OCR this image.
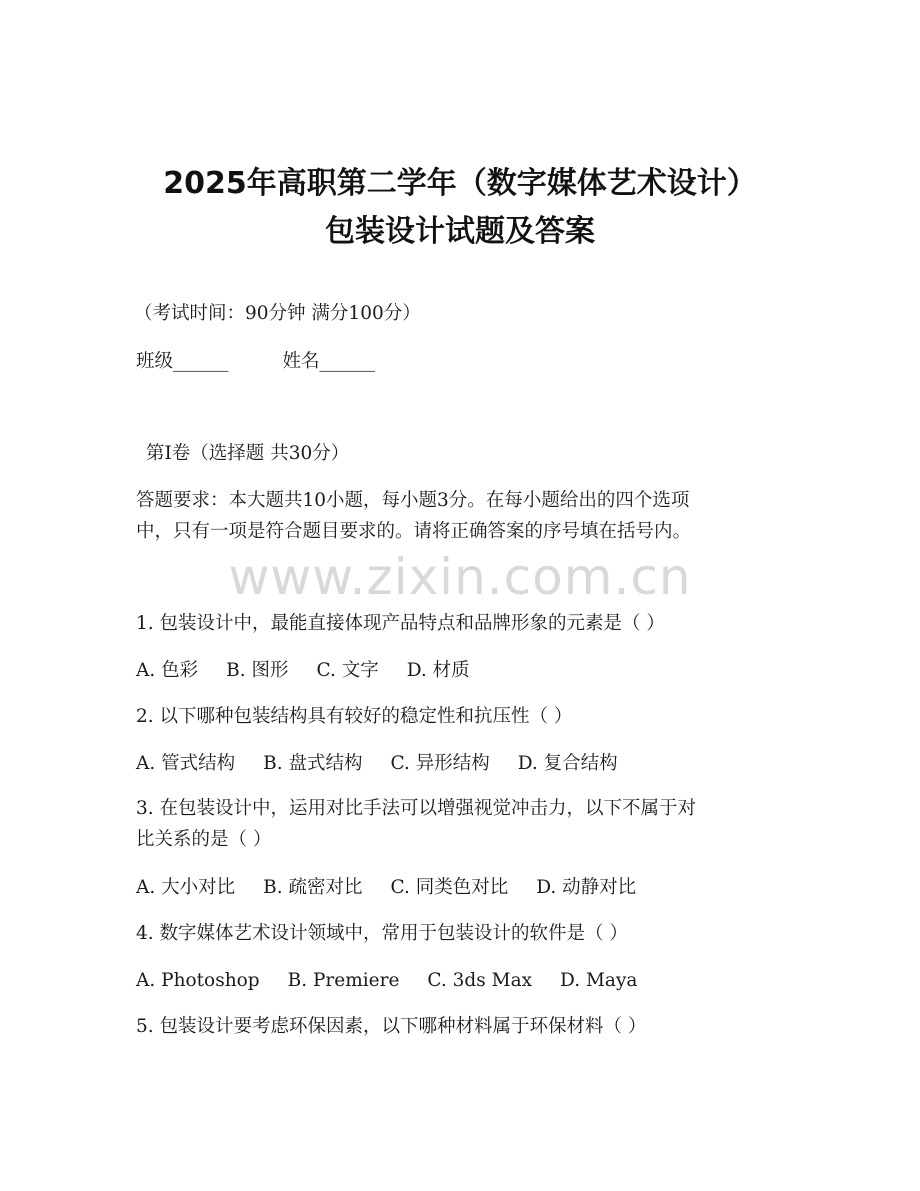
2025年高职第二学年（数字媒体艺术设计）
包装设计试题及答案
（考试时间：90分钟 满分100分）
班级______	姓名______
第I卷（选择题 共30分）
答题要求：本大题共10小题，每小题3分。在每小题给出的四个选项
中，只有一项是符合题目要求的。请将正确答案的序号填在括号内。
www.zixin.com.cn
1. 包装设计中，最能直接体现产品特点和品牌形象的元素是（ ）
A. 色彩 B. 图形 C. 文字 D. 材质
2. 以下哪种包装结构具有较好的稳定性和抗压性（ ）
A. 管式结构 B. 盘式结构 C. 异形结构 D. 复合结构
3. 在包装设计中，运用对比手法可以增强视觉冲击力，以下不属于对
比关系的是（ ）
A. 大小对比 B. 疏密对比 C. 同类色对比 D. 动静对比
4. 数字媒体艺术设计领域中，常用于包装设计的软件是（ ）
A. Photoshop B. Premiere C. 3ds Max D. Maya
5. 包装设计要考虑环保因素，以下哪种材料属于环保材料（ ）
